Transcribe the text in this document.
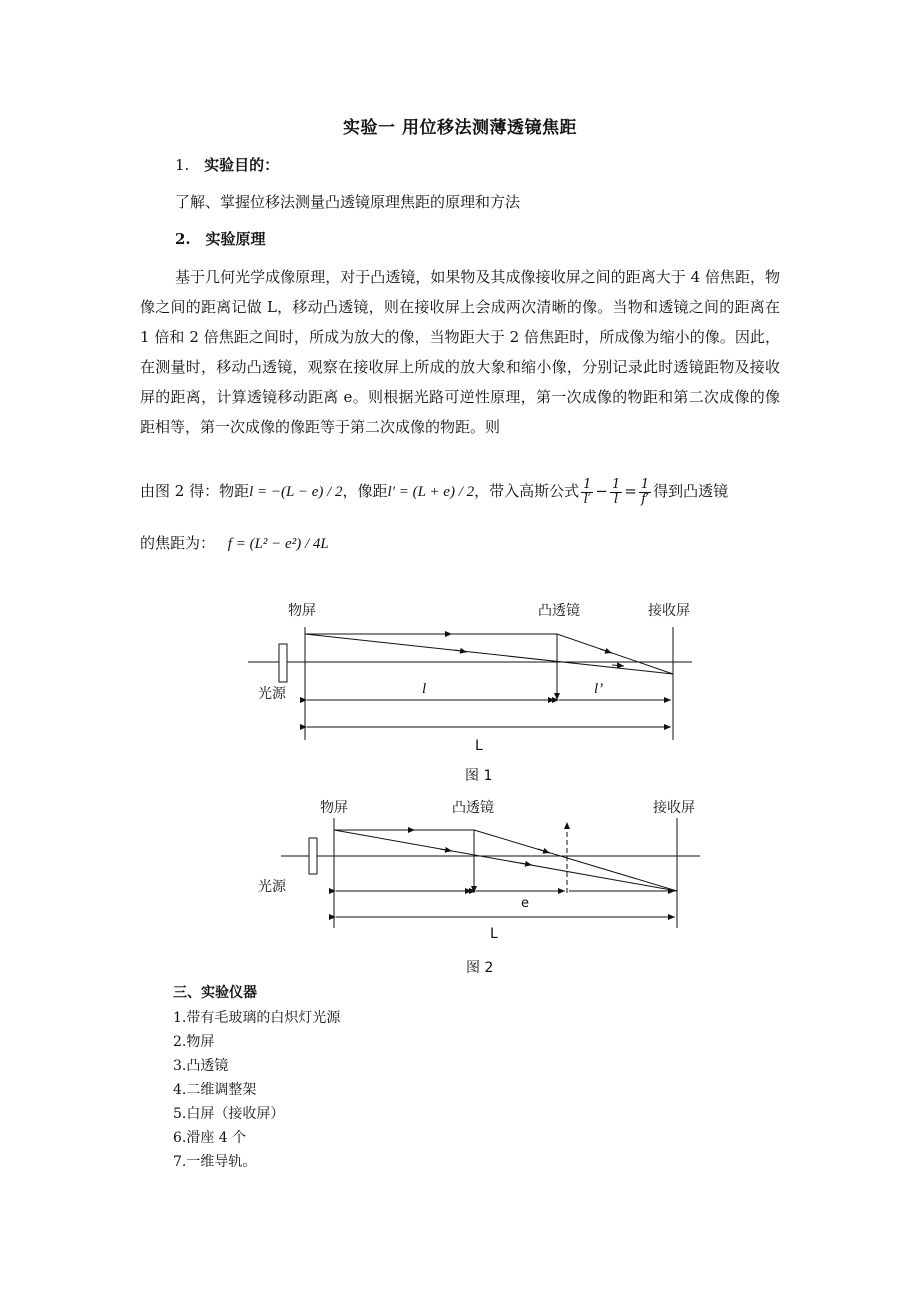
实验一 用位移法测薄透镜焦距
1. 实验目的：
了解、掌握位移法测量凸透镜原理焦距的原理和方法
2. 实验原理
基于几何光学成像原理，对于凸透镜，如果物及其成像接收屏之间的距离大于 4 倍焦距，物像之间的距离记做 L，移动凸透镜，则在接收屏上会成两次清晰的像。当物和透镜之间的距离在 1 倍和 2 倍焦距之间时，所成为放大的像，当物距大于 2 倍焦距时，所成像为缩小的像。因此，在测量时，移动凸透镜，观察在接收屏上所成的放大象和缩小像，分别记录此时透镜距物及接收屏的距离，计算透镜移动距离 e。则根据光路可逆性原理，第一次成像的物距和第二次成像的像距相等，第一次成像的像距等于第二次成像的物距。则
由图 2 得：物距l = −(L − e) / 2，像距l′ = (L + e) / 2，带入高斯公式 $\frac{1}{l'} - \frac{1}{l} = \frac{1}{f'}$ 得到凸透镜
的焦距为： f = (L² − e²) / 4L
物屏	凸透镜	接收屏
光源	l	l’
L
图 1
物屏	凸透镜	接收屏
光源
e
L
图 2
三、实验仪器
1.带有毛玻璃的白炽灯光源
2.物屏
3.凸透镜
4.二维调整架
5.白屏（接收屏）
6.滑座 4 个
7.一维导轨。
